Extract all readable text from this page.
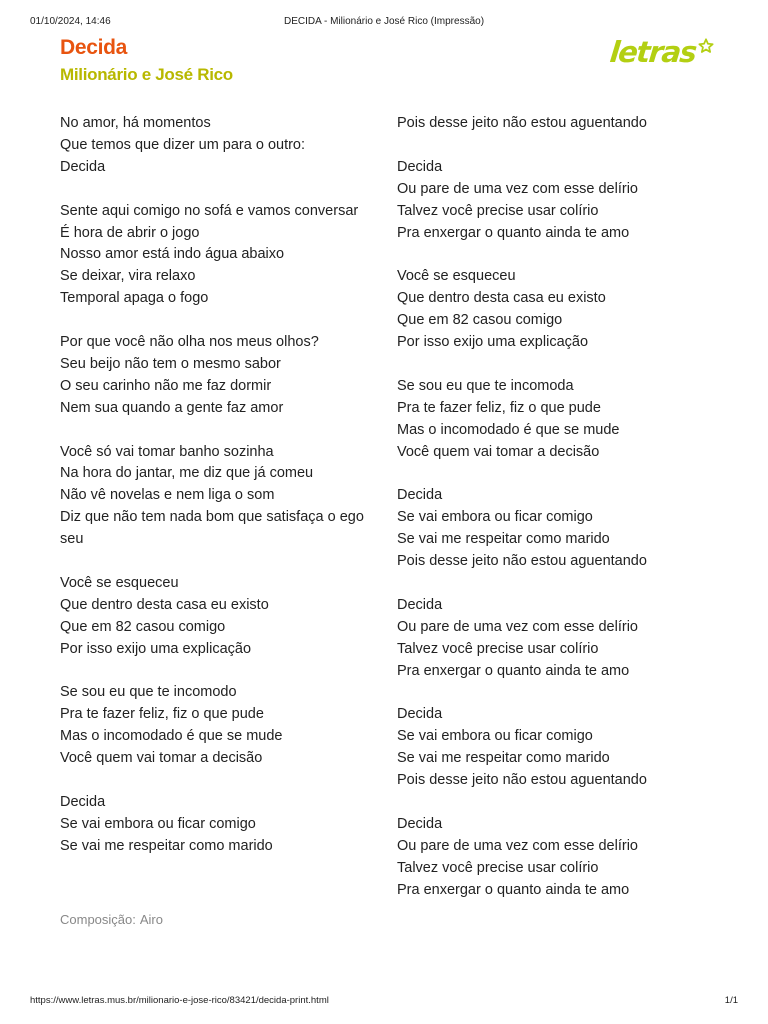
01/10/2024, 14:46	DECIDA - Milionário e José Rico (Impressão)
Decida
Milionário e José Rico
letras
No amor, há momentos
Que temos que dizer um para o outro:
Decida
Sente aqui comigo no sofá e vamos conversar
É hora de abrir o jogo
Nosso amor está indo água abaixo
Se deixar, vira relaxo
Temporal apaga o fogo
Por que você não olha nos meus olhos?
Seu beijo não tem o mesmo sabor
O seu carinho não me faz dormir
Nem sua quando a gente faz amor
Você só vai tomar banho sozinha
Na hora do jantar, me diz que já comeu
Não vê novelas e nem liga o som
Diz que não tem nada bom que satisfaça o ego seu
Você se esqueceu
Que dentro desta casa eu existo
Que em 82 casou comigo
Por isso exijo uma explicação
Se sou eu que te incomodo
Pra te fazer feliz, fiz o que pude
Mas o incomodado é que se mude
Você quem vai tomar a decisão
Decida
Se vai embora ou ficar comigo
Se vai me respeitar como marido
Pois desse jeito não estou aguentando
Decida
Ou pare de uma vez com esse delírio
Talvez você precise usar colírio
Pra enxergar o quanto ainda te amo
Você se esqueceu
Que dentro desta casa eu existo
Que em 82 casou comigo
Por isso exijo uma explicação
Se sou eu que te incomoda
Pra te fazer feliz, fiz o que pude
Mas o incomodado é que se mude
Você quem vai tomar a decisão
Decida
Se vai embora ou ficar comigo
Se vai me respeitar como marido
Pois desse jeito não estou aguentando
Decida
Ou pare de uma vez com esse delírio
Talvez você precise usar colírio
Pra enxergar o quanto ainda te amo
Decida
Se vai embora ou ficar comigo
Se vai me respeitar como marido
Pois desse jeito não estou aguentando
Decida
Ou pare de uma vez com esse delírio
Talvez você precise usar colírio
Pra enxergar o quanto ainda te amo
Composição: Airo
https://www.letras.mus.br/milionario-e-jose-rico/83421/decida-print.html	1/1
